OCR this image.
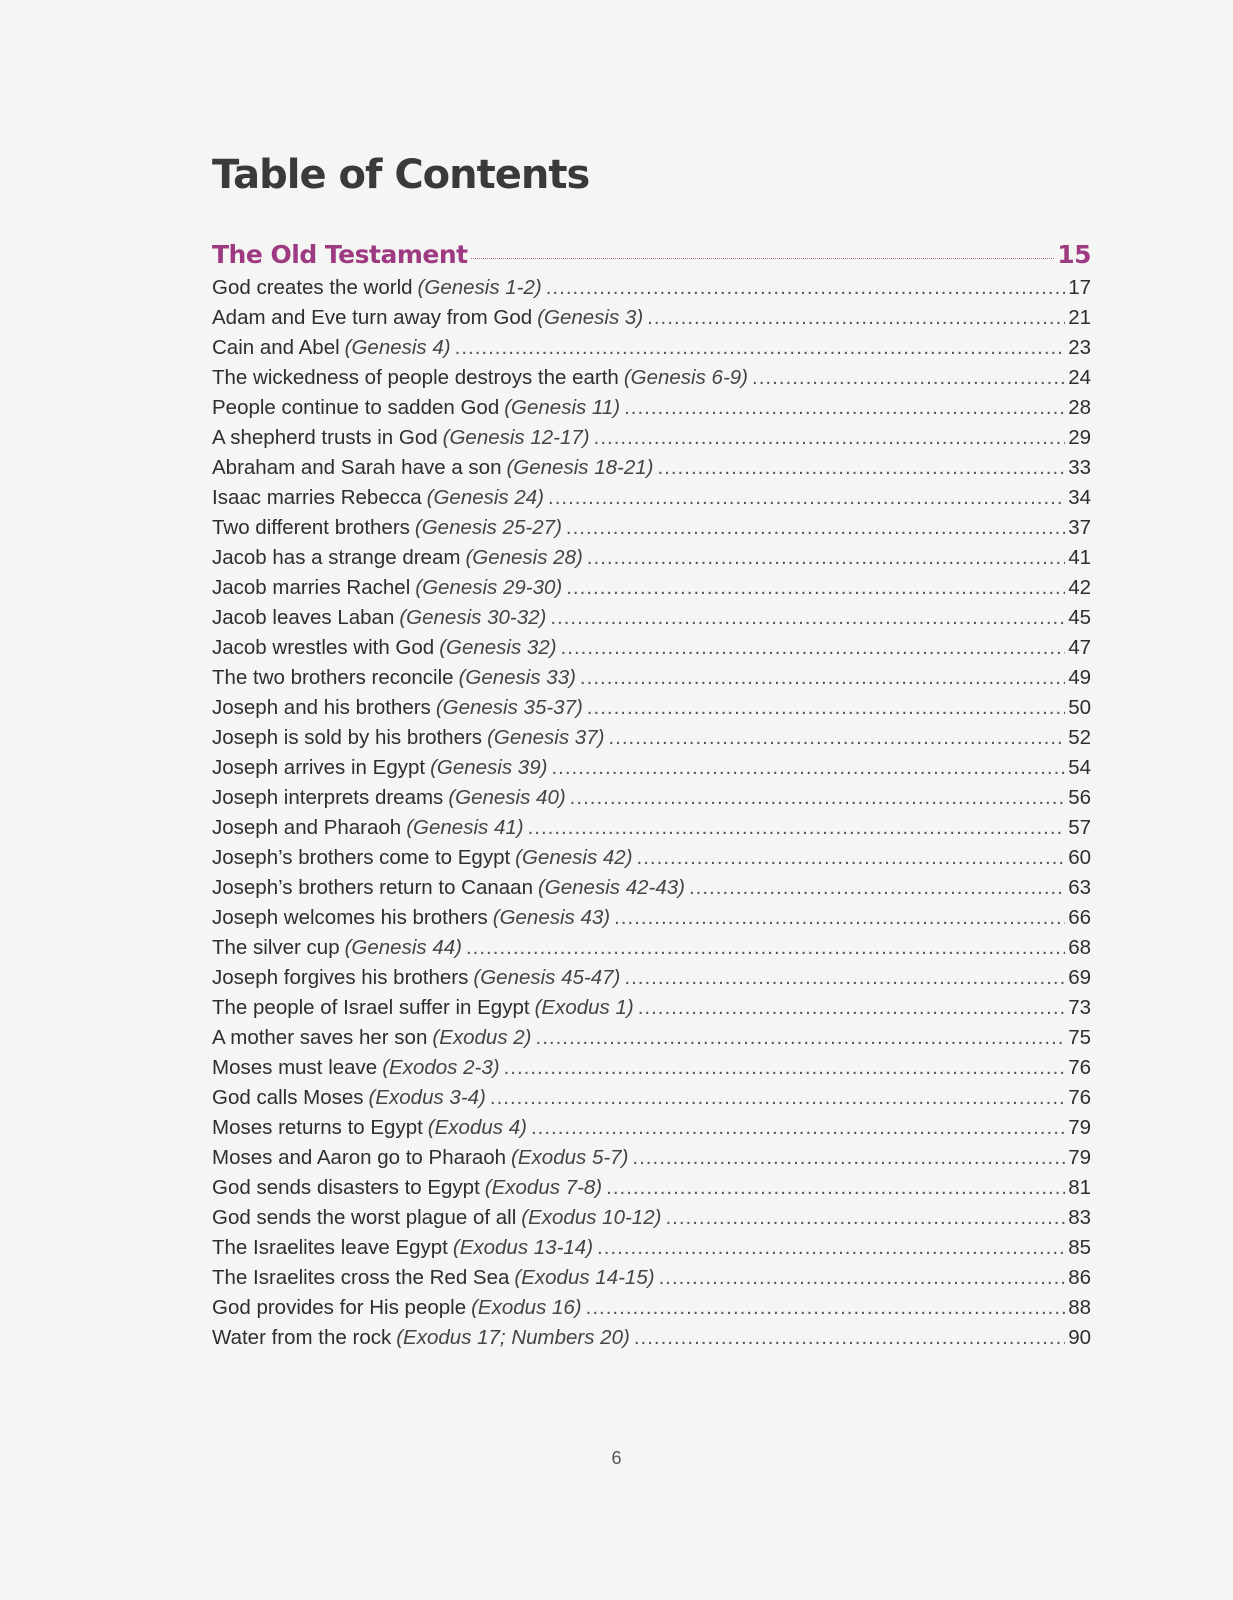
Table of Contents
The Old Testament	15
God creates the world (Genesis 1-2) .....	17
Adam and Eve turn away from God (Genesis 3) .....	21
Cain and Abel (Genesis 4) .....	23
The wickedness of people destroys the earth (Genesis 6-9) .....	24
People continue to sadden God (Genesis 11) .....	28
A shepherd trusts in God (Genesis 12-17) .....	29
Abraham and Sarah have a son (Genesis 18-21) .....	33
Isaac marries Rebecca (Genesis 24) .....	34
Two different brothers (Genesis 25-27) .....	37
Jacob has a strange dream (Genesis 28) .....	41
Jacob marries Rachel (Genesis 29-30) .....	42
Jacob leaves Laban (Genesis 30-32) .....	45
Jacob wrestles with God (Genesis 32) .....	47
The two brothers reconcile (Genesis 33) .....	49
Joseph and his brothers (Genesis 35-37) .....	50
Joseph is sold by his brothers (Genesis 37) .....	52
Joseph arrives in Egypt (Genesis 39) .....	54
Joseph interprets dreams (Genesis 40) .....	56
Joseph and Pharaoh (Genesis 41) .....	57
Joseph’s brothers come to Egypt (Genesis 42) .....	60
Joseph’s brothers return to Canaan (Genesis 42-43) .....	63
Joseph welcomes his brothers (Genesis 43) .....	66
The silver cup (Genesis 44) .....	68
Joseph forgives his brothers (Genesis 45-47) .....	69
The people of Israel suffer in Egypt (Exodus 1) .....	73
A mother saves her son (Exodus 2) .....	75
Moses must leave (Exodos 2-3) .....	76
God calls Moses (Exodus 3-4) .....	76
Moses returns to Egypt (Exodus 4) .....	79
Moses and Aaron go to Pharaoh (Exodus 5-7) .....	79
God sends disasters to Egypt (Exodus 7-8) .....	81
God sends the worst plague of all (Exodus 10-12) .....	83
The Israelites leave Egypt (Exodus 13-14) .....	85
The Israelites cross the Red Sea (Exodus 14-15) .....	86
God provides for His people (Exodus 16) .....	88
Water from the rock (Exodus 17; Numbers 20) .....	90
6
